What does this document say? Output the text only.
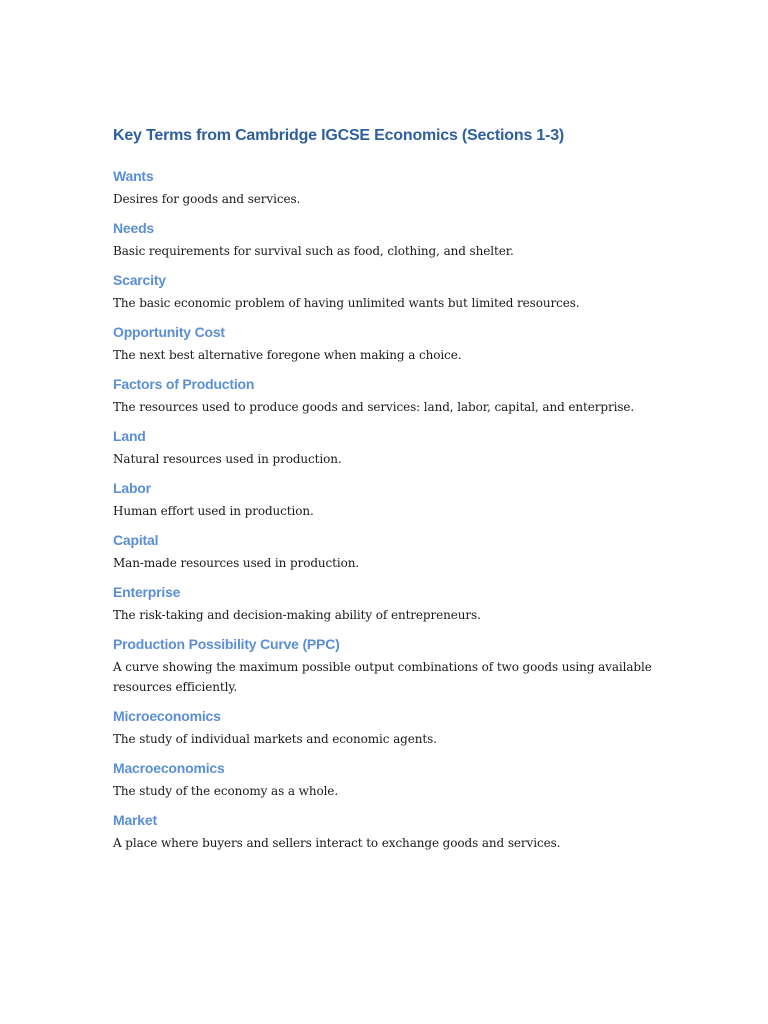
Key Terms from Cambridge IGCSE Economics (Sections 1-3)
Wants

Desires for goods and services.

Needs

Basic requirements for survival such as food, clothing, and shelter.

Scarcity

The basic economic problem of having unlimited wants but limited resources.

Opportunity Cost

The next best alternative foregone when making a choice.

Factors of Production

The resources used to produce goods and services: land, labor, capital, and enterprise.

Land

Natural resources used in production.

Labor

Human effort used in production.

Capital

Man-made resources used in production.

Enterprise

The risk-taking and decision-making ability of entrepreneurs.

Production Possibility Curve (PPC)

A curve showing the maximum possible output combinations of two goods using available resources efficiently.

Microeconomics

The study of individual markets and economic agents.

Macroeconomics

The study of the economy as a whole.

Market

A place where buyers and sellers interact to exchange goods and services.
